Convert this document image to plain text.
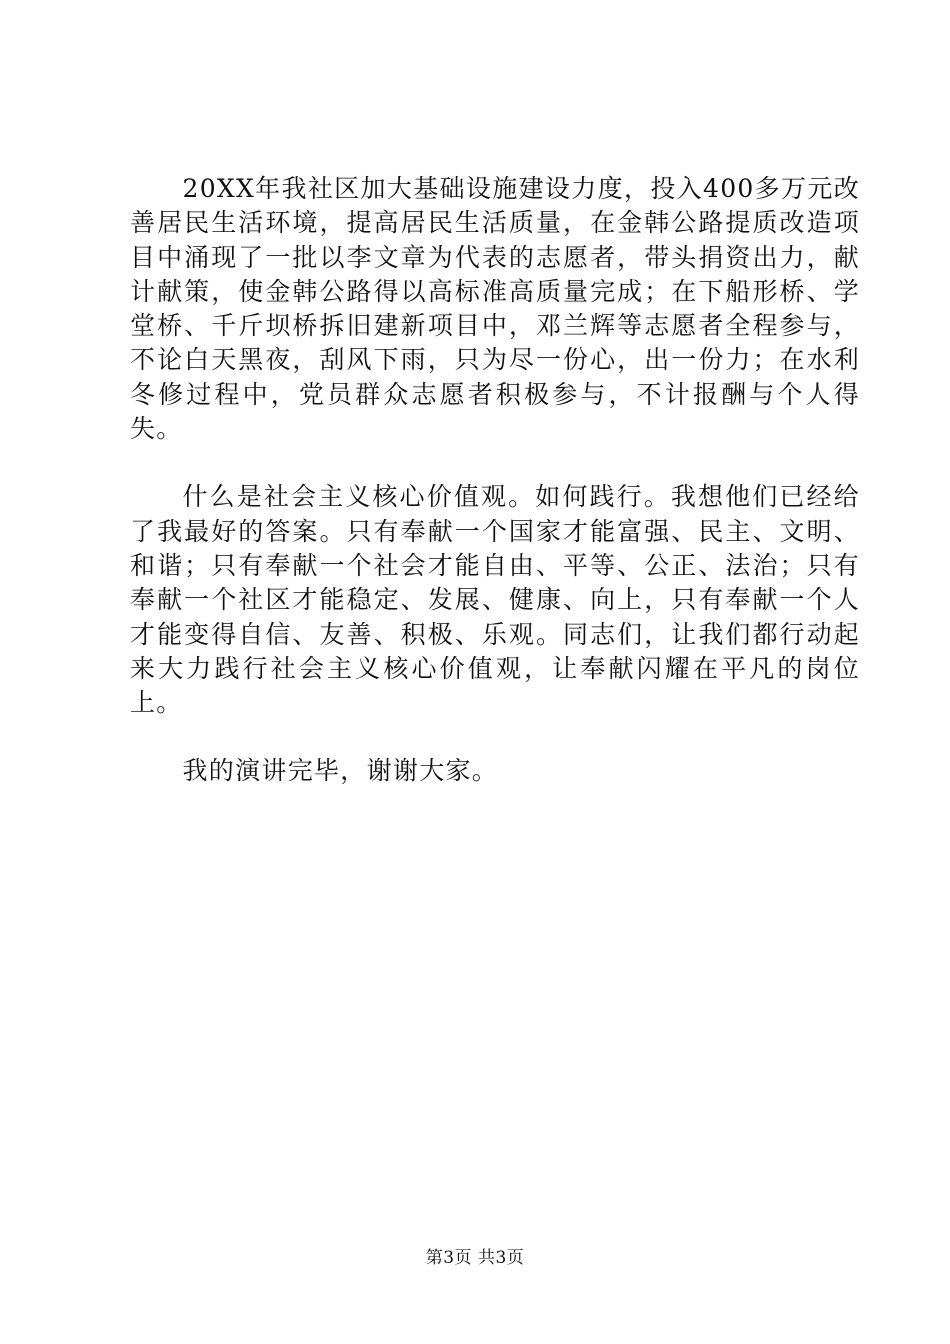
20XX年我社区加大基础设施建设力度，投入400多万元改善居民生活环境，提高居民生活质量，在金韩公路提质改造项目中涌现了一批以李文章为代表的志愿者，带头捐资出力，献计献策，使金韩公路得以高标准高质量完成；在下船形桥、学堂桥、千斤坝桥拆旧建新项目中，邓兰辉等志愿者全程参与，不论白天黑夜，刮风下雨，只为尽一份心，出一份力；在水利冬修过程中，党员群众志愿者积极参与，不计报酬与个人得失。

什么是社会主义核心价值观。如何践行。我想他们已经给了我最好的答案。只有奉献一个国家才能富强、民主、文明、和谐；只有奉献一个社会才能自由、平等、公正、法治；只有奉献一个社区才能稳定、发展、健康、向上，只有奉献一个人才能变得自信、友善、积极、乐观。同志们，让我们都行动起来大力践行社会主义核心价值观，让奉献闪耀在平凡的岗位上。

我的演讲完毕，谢谢大家。

第3页 共3页
